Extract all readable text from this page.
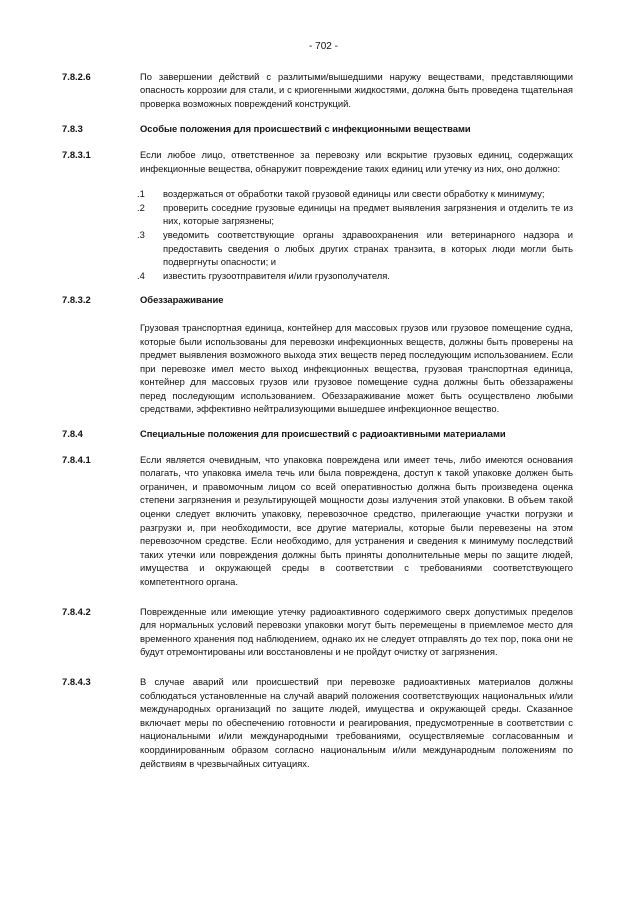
- 702 -
7.8.2.6	По завершении действий с разлитыми/вышедшими наружу веществами, представляющими опасность коррозии для стали, и с криогенными жидкостями, должна быть проведена тщательная проверка возможных повреждений конструкций.
7.8.3	Особые положения для происшествий с инфекционными веществами
7.8.3.1	Если любое лицо, ответственное за перевозку или вскрытие грузовых единиц, содержащих инфекционные вещества, обнаружит повреждение таких единиц или утечку из них, оно должно:
.1	воздержаться от обработки такой грузовой единицы или свести обработку к минимуму;
.2	проверить соседние грузовые единицы на предмет выявления загрязнения и отделить те из них, которые загрязнены;
.3	уведомить соответствующие органы здравоохранения или ветеринарного надзора и предоставить сведения о любых других странах транзита, в которых люди могли быть подвергнуты опасности; и
.4	известить грузоотправителя и/или грузополучателя.
7.8.3.2	Обеззараживание
Грузовая транспортная единица, контейнер для массовых грузов или грузовое помещение судна, которые были использованы для перевозки инфекционных веществ, должны быть проверены на предмет выявления возможного выхода этих веществ перед последующим использованием. Если при перевозке имел место выход инфекционных вещества, грузовая транспортная единица, контейнер для массовых грузов или грузовое помещение судна должны быть обеззаражены перед последующим использованием. Обеззараживание может быть осуществлено любыми средствами, эффективно нейтрализующими вышедшее инфекционное вещество.
7.8.4	Специальные положения для происшествий с радиоактивными материалами
7.8.4.1	Если является очевидным, что упаковка повреждена или имеет течь, либо имеются основания полагать, что упаковка имела течь или была повреждена, доступ к такой упаковке должен быть ограничен, и правомочным лицом со всей оперативностью должна быть произведена оценка степени загрязнения и результирующей мощности дозы излучения этой упаковки. В объем такой оценки следует включить упаковку, перевозочное средство, прилегающие участки погрузки и разгрузки и, при необходимости, все другие материалы, которые были перевезены на этом перевозочном средстве. Если необходимо, для устранения и сведения к минимуму последствий таких утечки или повреждения должны быть приняты дополнительные меры по защите людей, имущества и окружающей среды в соответствии с требованиями соответствующего компетентного органа.
7.8.4.2	Поврежденные или имеющие утечку радиоактивного содержимого сверх допустимых пределов для нормальных условий перевозки упаковки могут быть перемещены в приемлемое место для временного хранения под наблюдением, однако их не следует отправлять до тех пор, пока они не будут отремонтированы или восстановлены и не пройдут очистку от загрязнения.
7.8.4.3	В случае аварий или происшествий при перевозке радиоактивных материалов должны соблюдаться установленные на случай аварий положения соответствующих национальных и/или международных организаций по защите людей, имущества и окружающей среды. Сказанное включает меры по обеспечению готовности и реагирования, предусмотренные в соответствии с национальными и/или международными требованиями, осуществляемые согласованным и координированным образом согласно национальным и/или международным положениям по действиям в чрезвычайных ситуациях.
